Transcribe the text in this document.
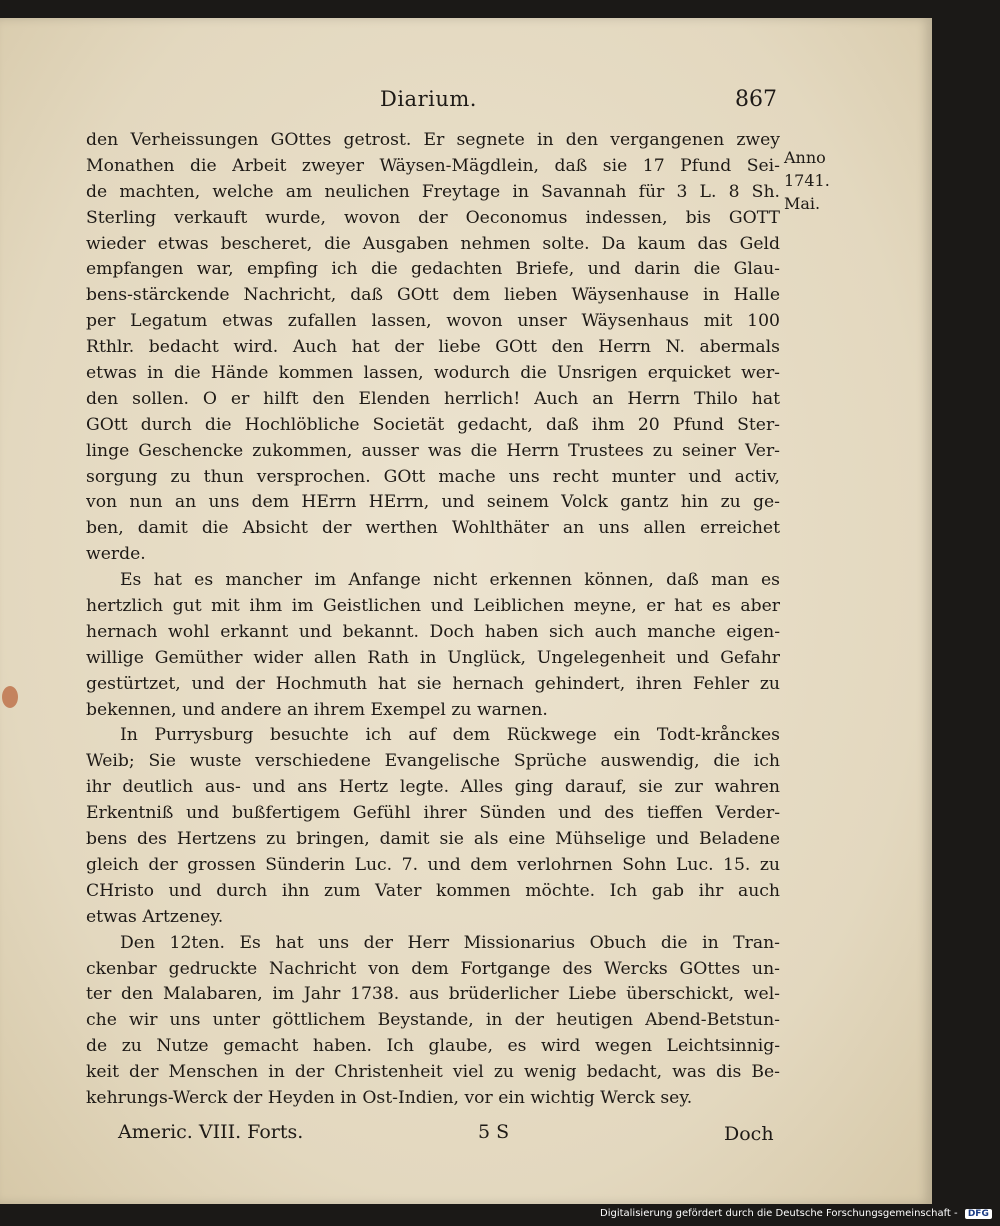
Diarium.	867
Anno
1741.
Mai.
den Verheissungen GOttes getrost. Er segnete in den vergangenen zwey
Monathen die Arbeit zweyer Wäysen-Mägdlein, daß sie 17 Pfund Sei-
de machten, welche am neulichen Freytage in Savannah für 3 L. 8 Sh.
Sterling verkauft wurde, wovon der Oeconomus indessen, bis GOTT
wieder etwas bescheret, die Ausgaben nehmen solte. Da kaum das Geld
empfangen war, empfing ich die gedachten Briefe, und darin die Glau-
bens-stärckende Nachricht, daß GOtt dem lieben Wäysenhause in Halle
per Legatum etwas zufallen lassen, wovon unser Wäysenhaus mit 100
Rthlr. bedacht wird. Auch hat der liebe GOtt den Herrn N. abermals
etwas in die Hände kommen lassen, wodurch die Unsrigen erquicket wer-
den sollen. O er hilft den Elenden herrlich! Auch an Herrn Thilo hat
GOtt durch die Hochlöbliche Societät gedacht, daß ihm 20 Pfund Ster-
linge Geschencke zukommen, ausser was die Herrn Trustees zu seiner Ver-
sorgung zu thun versprochen. GOtt mache uns recht munter und activ,
von nun an uns dem HErrn HErrn, und seinem Volck gantz hin zu ge-
ben, damit die Absicht der werthen Wohlthäter an uns allen erreichet
werde.
Es hat es mancher im Anfange nicht erkennen können, daß man es
hertzlich gut mit ihm im Geistlichen und Leiblichen meyne, er hat es aber
hernach wohl erkannt und bekannt. Doch haben sich auch manche eigen-
willige Gemüther wider allen Rath in Unglück, Ungelegenheit und Gefahr
gestürtzet, und der Hochmuth hat sie hernach gehindert, ihren Fehler zu
bekennen, und andere an ihrem Exempel zu warnen.
In Purrysburg besuchte ich auf dem Rückwege ein Todt-krånckes
Weib; Sie wuste verschiedene Evangelische Sprüche auswendig, die ich
ihr deutlich aus- und ans Hertz legte. Alles ging darauf, sie zur wahren
Erkentniß und bußfertigem Gefühl ihrer Sünden und des tieffen Verder-
bens des Hertzens zu bringen, damit sie als eine Mühselige und Beladene
gleich der grossen Sünderin Luc. 7. und dem verlohrnen Sohn Luc. 15. zu
CHristo und durch ihn zum Vater kommen möchte. Ich gab ihr auch
etwas Artzeney.
Den 12ten. Es hat uns der Herr Missionarius Obuch die in Tran-
ckenbar gedruckte Nachricht von dem Fortgange des Wercks GOttes un-
ter den Malabaren, im Jahr 1738. aus brüderlicher Liebe überschickt, wel-
che wir uns unter göttlichem Beystande, in der heutigen Abend-Betstun-
de zu Nutze gemacht haben. Ich glaube, es wird wegen Leichtsinnig-
keit der Menschen in der Christenheit viel zu wenig bedacht, was dis Be-
kehrungs-Werck der Heyden in Ost-Indien, vor ein wichtig Werck sey.
Americ. VIII. Forts.	5 S	Doch
Digitalisierung gefördert durch die Deutsche Forschungsgemeinschaft - DFG
